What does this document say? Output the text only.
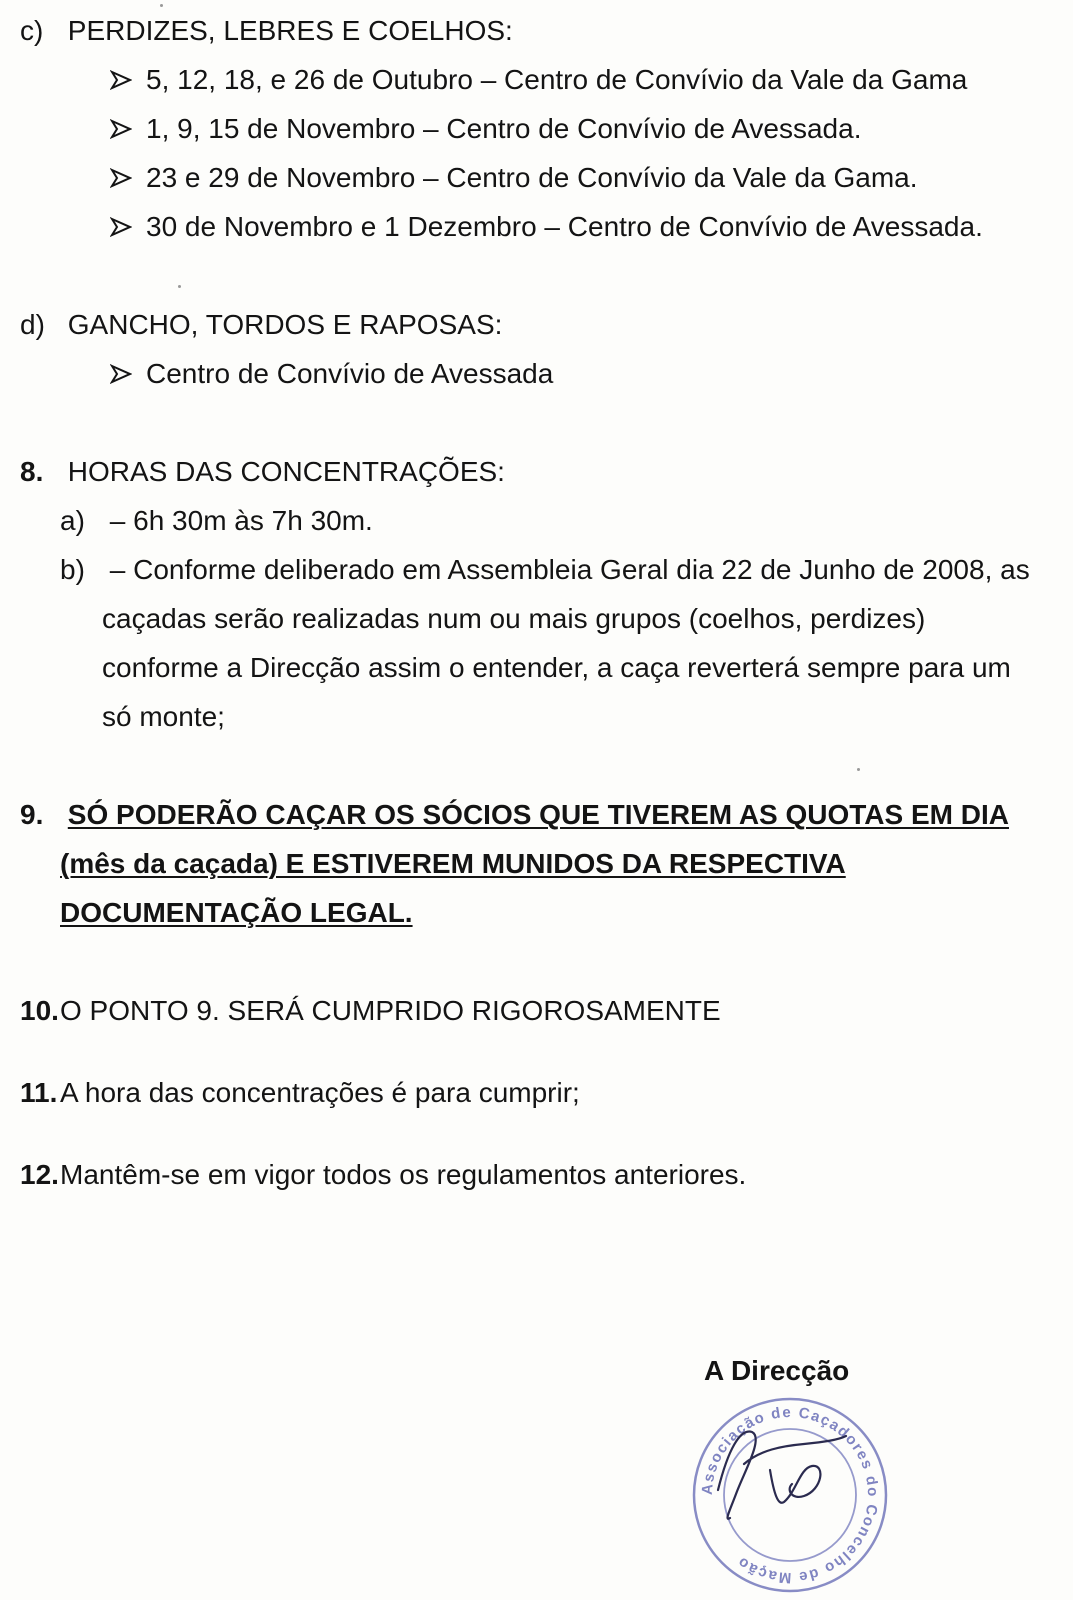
c) PERDIZES, LEBRES E COELHOS:
5, 12, 18, e 26 de Outubro – Centro de Convívio da Vale da Gama
1, 9, 15 de Novembro – Centro de Convívio de Avessada.
23 e 29 de Novembro – Centro de Convívio da Vale da Gama.
30 de Novembro e 1 Dezembro – Centro de Convívio de Avessada.
d) GANCHO, TORDOS E RAPOSAS:
Centro de Convívio de Avessada
8. HORAS DAS CONCENTRAÇÕES:
a) – 6h 30m às 7h 30m.
b) – Conforme deliberado em Assembleia Geral dia 22 de Junho de 2008, as
caçadas serão realizadas num ou mais grupos (coelhos, perdizes)
conforme a Direcção assim o entender, a caça reverterá sempre para um
só monte;
9. SÓ PODERÃO CAÇAR OS SÓCIOS QUE TIVEREM AS QUOTAS EM DIA
(mês da caçada) E ESTIVEREM MUNIDOS DA RESPECTIVA
DOCUMENTAÇÃO LEGAL.
10.O PONTO 9. SERÁ CUMPRIDO RIGOROSAMENTE
11.A hora das concentrações é para cumprir;
12.Mantêm-se em vigor todos os regulamentos anteriores.
Associação de Caçadores do Concelho de Mação
A Direcção
